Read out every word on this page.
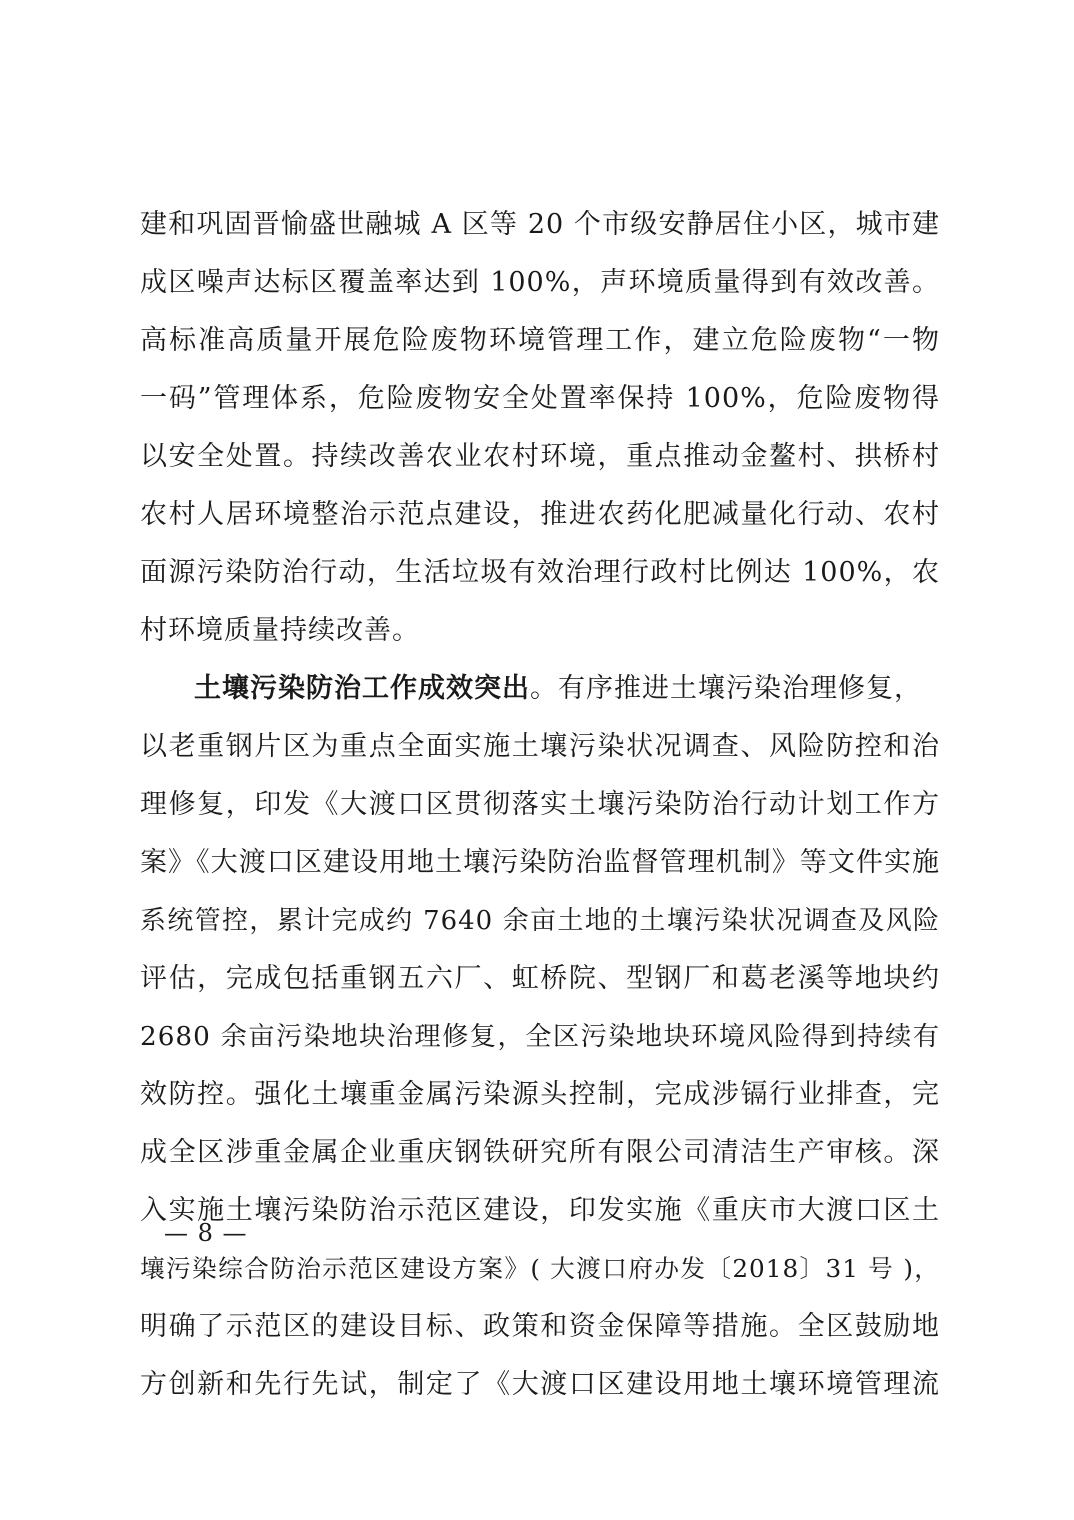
建和巩固晋愉盛世融城 A 区等 20 个市级安静居住小区，城市建
成区噪声达标区覆盖率达到 100%，声环境质量得到有效改善。
高标准高质量开展危险废物环境管理工作，建立危险废物“一物
一码”管理体系，危险废物安全处置率保持 100%，危险废物得
以安全处置。持续改善农业农村环境，重点推动金鳌村、拱桥村
农村人居环境整治示范点建设，推进农药化肥减量化行动、农村
面源污染防治行动，生活垃圾有效治理行政村比例达 100%，农
村环境质量持续改善。
土壤污染防治工作成效突出。有序推进土壤污染治理修复，
以老重钢片区为重点全面实施土壤污染状况调查、风险防控和治
理修复，印发《大渡口区贯彻落实土壤污染防治行动计划工作方
案》《大渡口区建设用地土壤污染防治监督管理机制》等文件实施
系统管控，累计完成约 7640 余亩土地的土壤污染状况调查及风险
评估，完成包括重钢五六厂、虹桥院、型钢厂和葛老溪等地块约
2680 余亩污染地块治理修复，全区污染地块环境风险得到持续有
效防控。强化土壤重金属污染源头控制，完成涉镉行业排查，完
成全区涉重金属企业重庆钢铁研究所有限公司清洁生产审核。深
入实施土壤污染防治示范区建设，印发实施《重庆市大渡口区土
壤污染综合防治示范区建设方案》( 大渡口府办发〔2018〕31 号 )，
明确了示范区的建设目标、政策和资金保障等措施。全区鼓励地
方创新和先行先试，制定了《大渡口区建设用地土壤环境管理流
— 8 —
